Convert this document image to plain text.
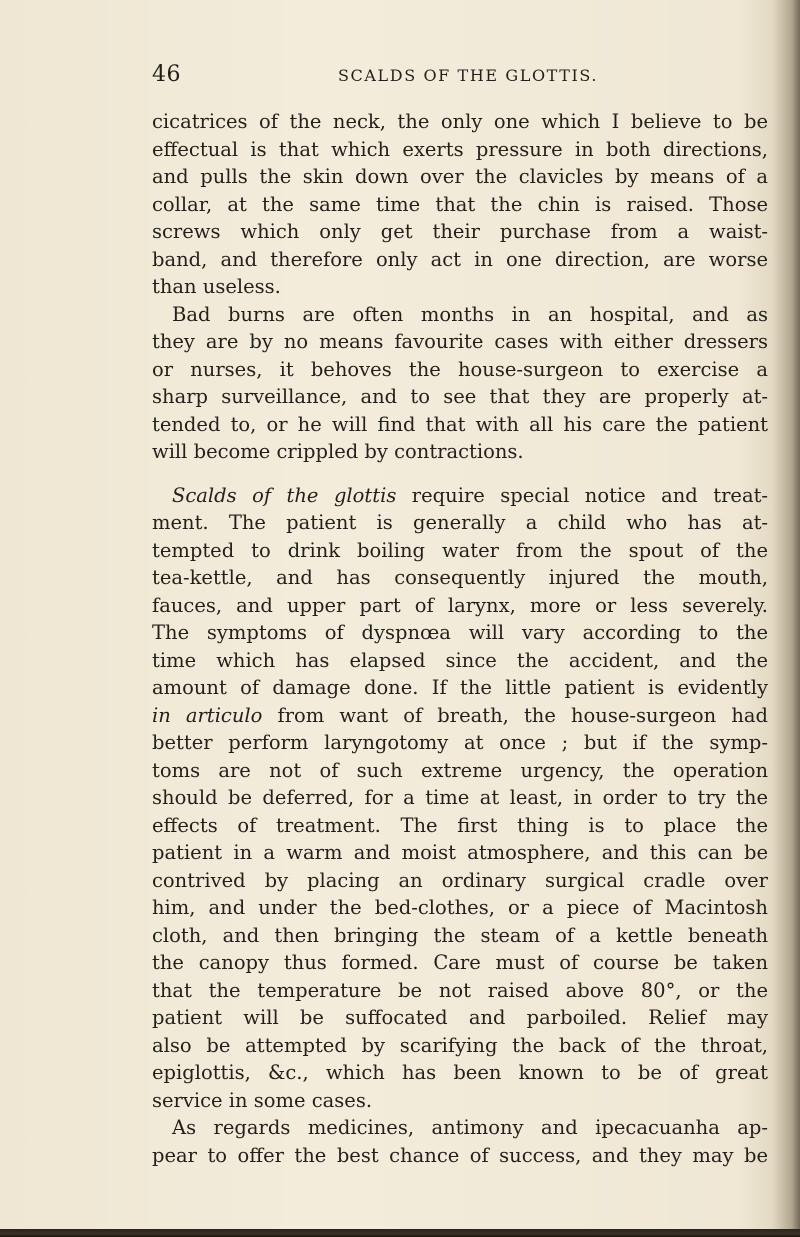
46	SCALDS OF THE GLOTTIS.
cicatrices of the neck, the only one which I believe to be
effectual is that which exerts pressure in both directions,
and pulls the skin down over the clavicles by means of a
collar, at the same time that the chin is raised. Those
screws which only get their purchase from a waist-
band, and therefore only act in one direction, are worse
than useless.
Bad burns are often months in an hospital, and as
they are by no means favourite cases with either dressers
or nurses, it behoves the house-surgeon to exercise a
sharp surveillance, and to see that they are properly at-
tended to, or he will find that with all his care the patient
will become crippled by contractions.
Scalds of the glottis require special notice and treat-
ment. The patient is generally a child who has at-
tempted to drink boiling water from the spout of the
tea-kettle, and has consequently injured the mouth,
fauces, and upper part of larynx, more or less severely.
The symptoms of dyspnœa will vary according to the
time which has elapsed since the accident, and the
amount of damage done. If the little patient is evidently
in articulo from want of breath, the house-surgeon had
better perform laryngotomy at once ; but if the symp-
toms are not of such extreme urgency, the operation
should be deferred, for a time at least, in order to try the
effects of treatment. The first thing is to place the
patient in a warm and moist atmosphere, and this can be
contrived by placing an ordinary surgical cradle over
him, and under the bed-clothes, or a piece of Macintosh
cloth, and then bringing the steam of a kettle beneath
the canopy thus formed. Care must of course be taken
that the temperature be not raised above 80°, or the
patient will be suffocated and parboiled. Relief may
also be attempted by scarifying the back of the throat,
epiglottis, &c., which has been known to be of great
service in some cases.
As regards medicines, antimony and ipecacuanha ap-
pear to offer the best chance of success, and they may be
